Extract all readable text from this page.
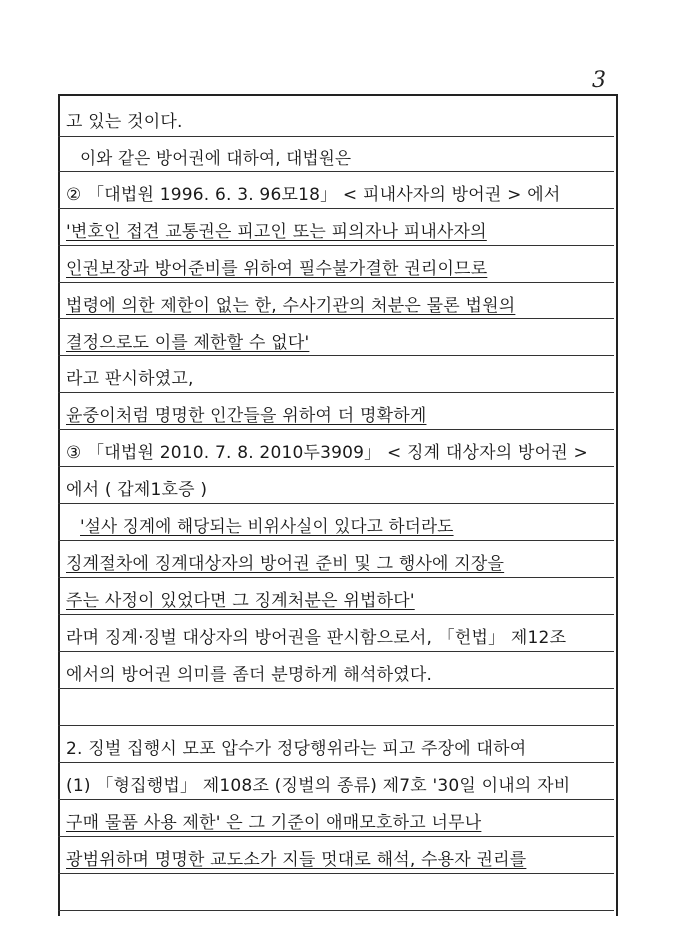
3
고 있는 것이다.
이와 같은 방어권에 대하여, 대법원은
② 「대법원 1996. 6. 3. 96모18」 < 피내사자의 방어권 > 에서
'변호인 접견 교통권은 피고인 또는 피의자나 피내사자의
인권보장과 방어준비를 위하여 필수불가결한 권리이므로
법령에 의한 제한이 없는 한, 수사기관의 처분은 물론 법원의
결정으로도 이를 제한할 수 없다'
라고 판시하였고,
윤중이처럼 명명한 인간들을 위하여 더 명확하게
③ 「대법원 2010. 7. 8. 2010두3909」 < 징계 대상자의 방어권 >
에서 ( 갑제1호증 )
'설사 징계에 해당되는 비위사실이 있다고 하더라도
징계절차에 징계대상자의 방어권 준비 및 그 행사에 지장을
주는 사정이 있었다면 그 징계처분은 위법하다'
라며 징계·징벌 대상자의 방어권을 판시함으로서, 「헌법」 제12조
에서의 방어권 의미를 좀더 분명하게 해석하였다.
2. 징벌 집행시 모포 압수가 정당행위라는 피고 주장에 대하여
(1) 「형집행법」 제108조 (징벌의 종류) 제7호 '30일 이내의 자비
구매 물품 사용 제한' 은 그 기준이 애매모호하고 너무나
광범위하며 명명한 교도소가 지들 멋대로 해석, 수용자 권리를
